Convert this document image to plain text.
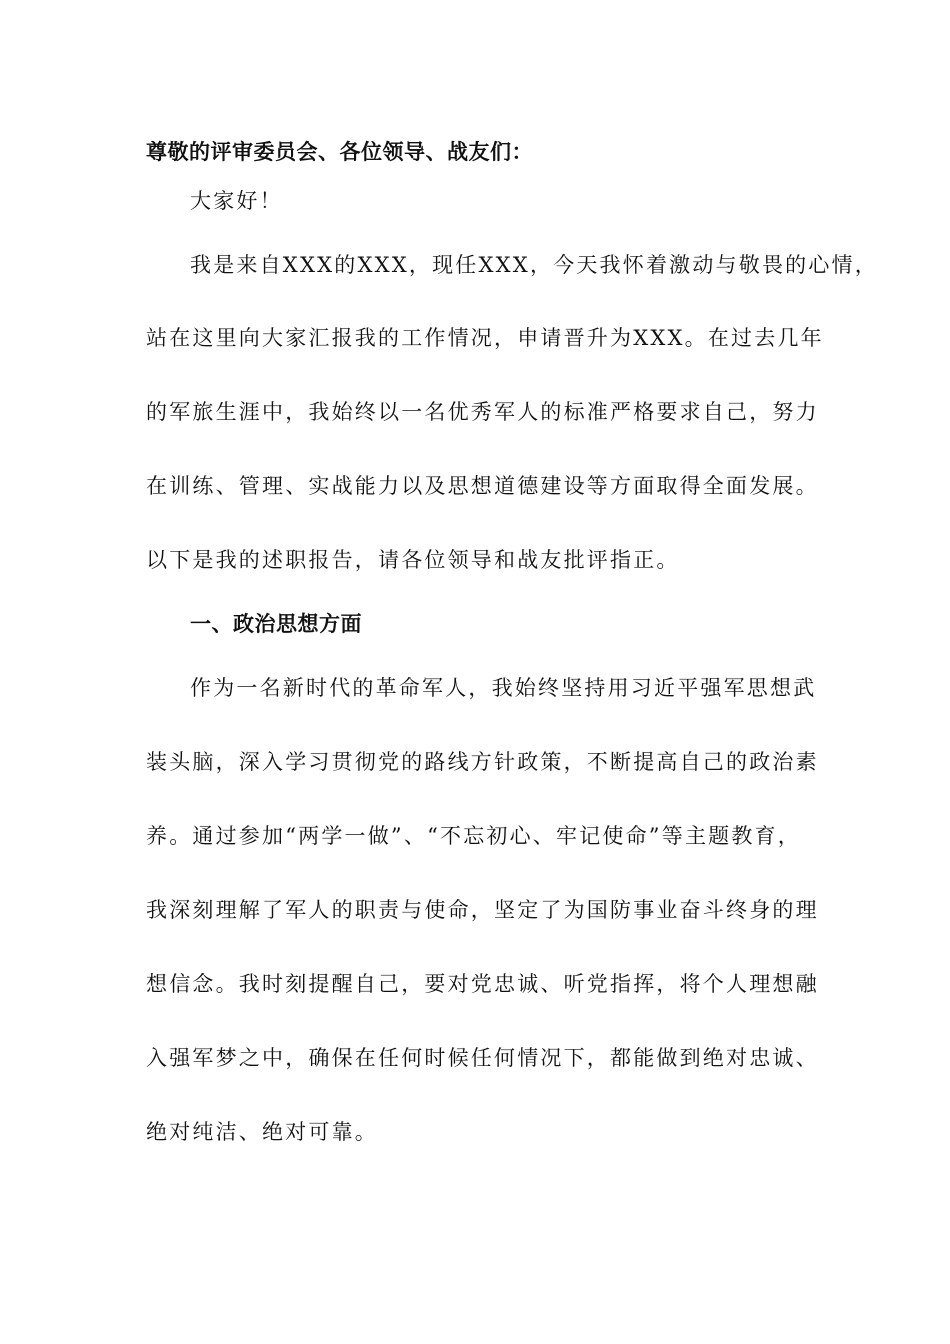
尊敬的评审委员会、各位领导、战友们：
大家好！
我是来自XXX的XXX，现任XXX，今天我怀着激动与敬畏的心情，
站在这里向大家汇报我的工作情况，申请晋升为XXX。在过去几年
的军旅生涯中，我始终以一名优秀军人的标准严格要求自己，努力
在训练、管理、实战能力以及思想道德建设等方面取得全面发展。
以下是我的述职报告，请各位领导和战友批评指正。
一、政治思想方面
作为一名新时代的革命军人，我始终坚持用习近平强军思想武
装头脑，深入学习贯彻党的路线方针政策，不断提高自己的政治素
养。通过参加“两学一做”、“不忘初心、牢记使命”等主题教育，
我深刻理解了军人的职责与使命，坚定了为国防事业奋斗终身的理
想信念。我时刻提醒自己，要对党忠诚、听党指挥，将个人理想融
入强军梦之中，确保在任何时候任何情况下，都能做到绝对忠诚、
绝对纯洁、绝对可靠。
